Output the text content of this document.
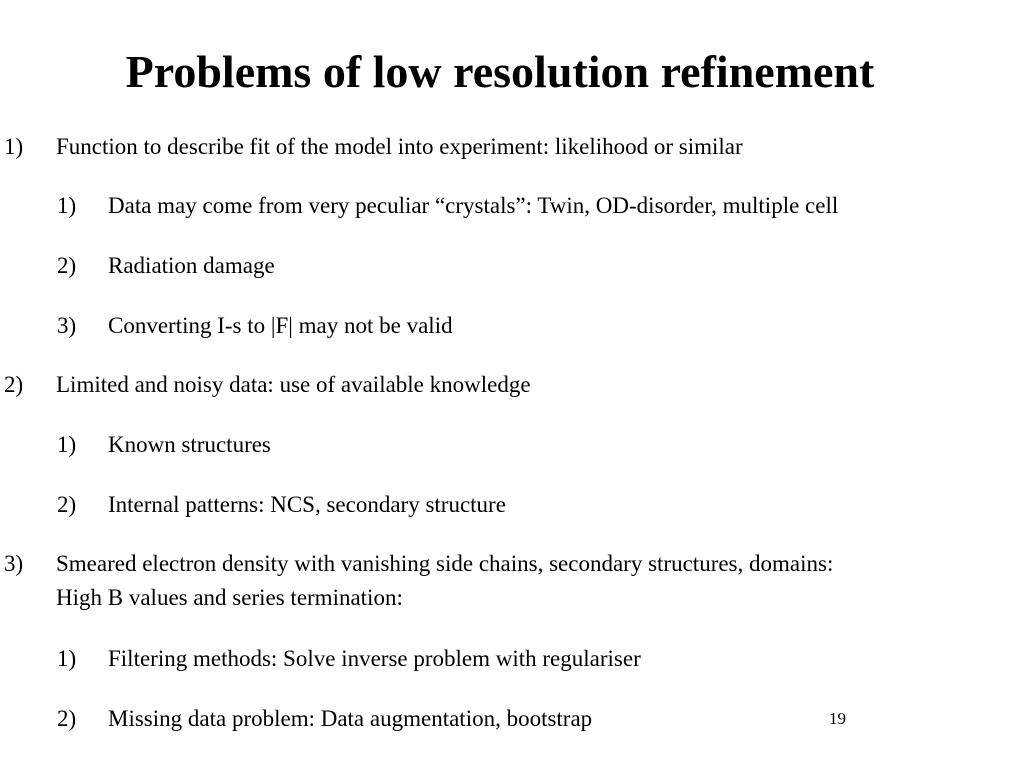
Problems of low resolution refinement
1) Function to describe fit of the model into experiment: likelihood or similar
1) Data may come from very peculiar “crystals”: Twin, OD-disorder, multiple cell
2) Radiation damage
3) Converting I-s to |F| may not be valid
2) Limited and noisy data: use of available knowledge
1) Known structures
2) Internal patterns: NCS, secondary structure
3) Smeared electron density with vanishing side chains, secondary structures, domains:
High B values and series termination:
1) Filtering methods: Solve inverse problem with regulariser
2) Missing data problem: Data augmentation, bootstrap	19
